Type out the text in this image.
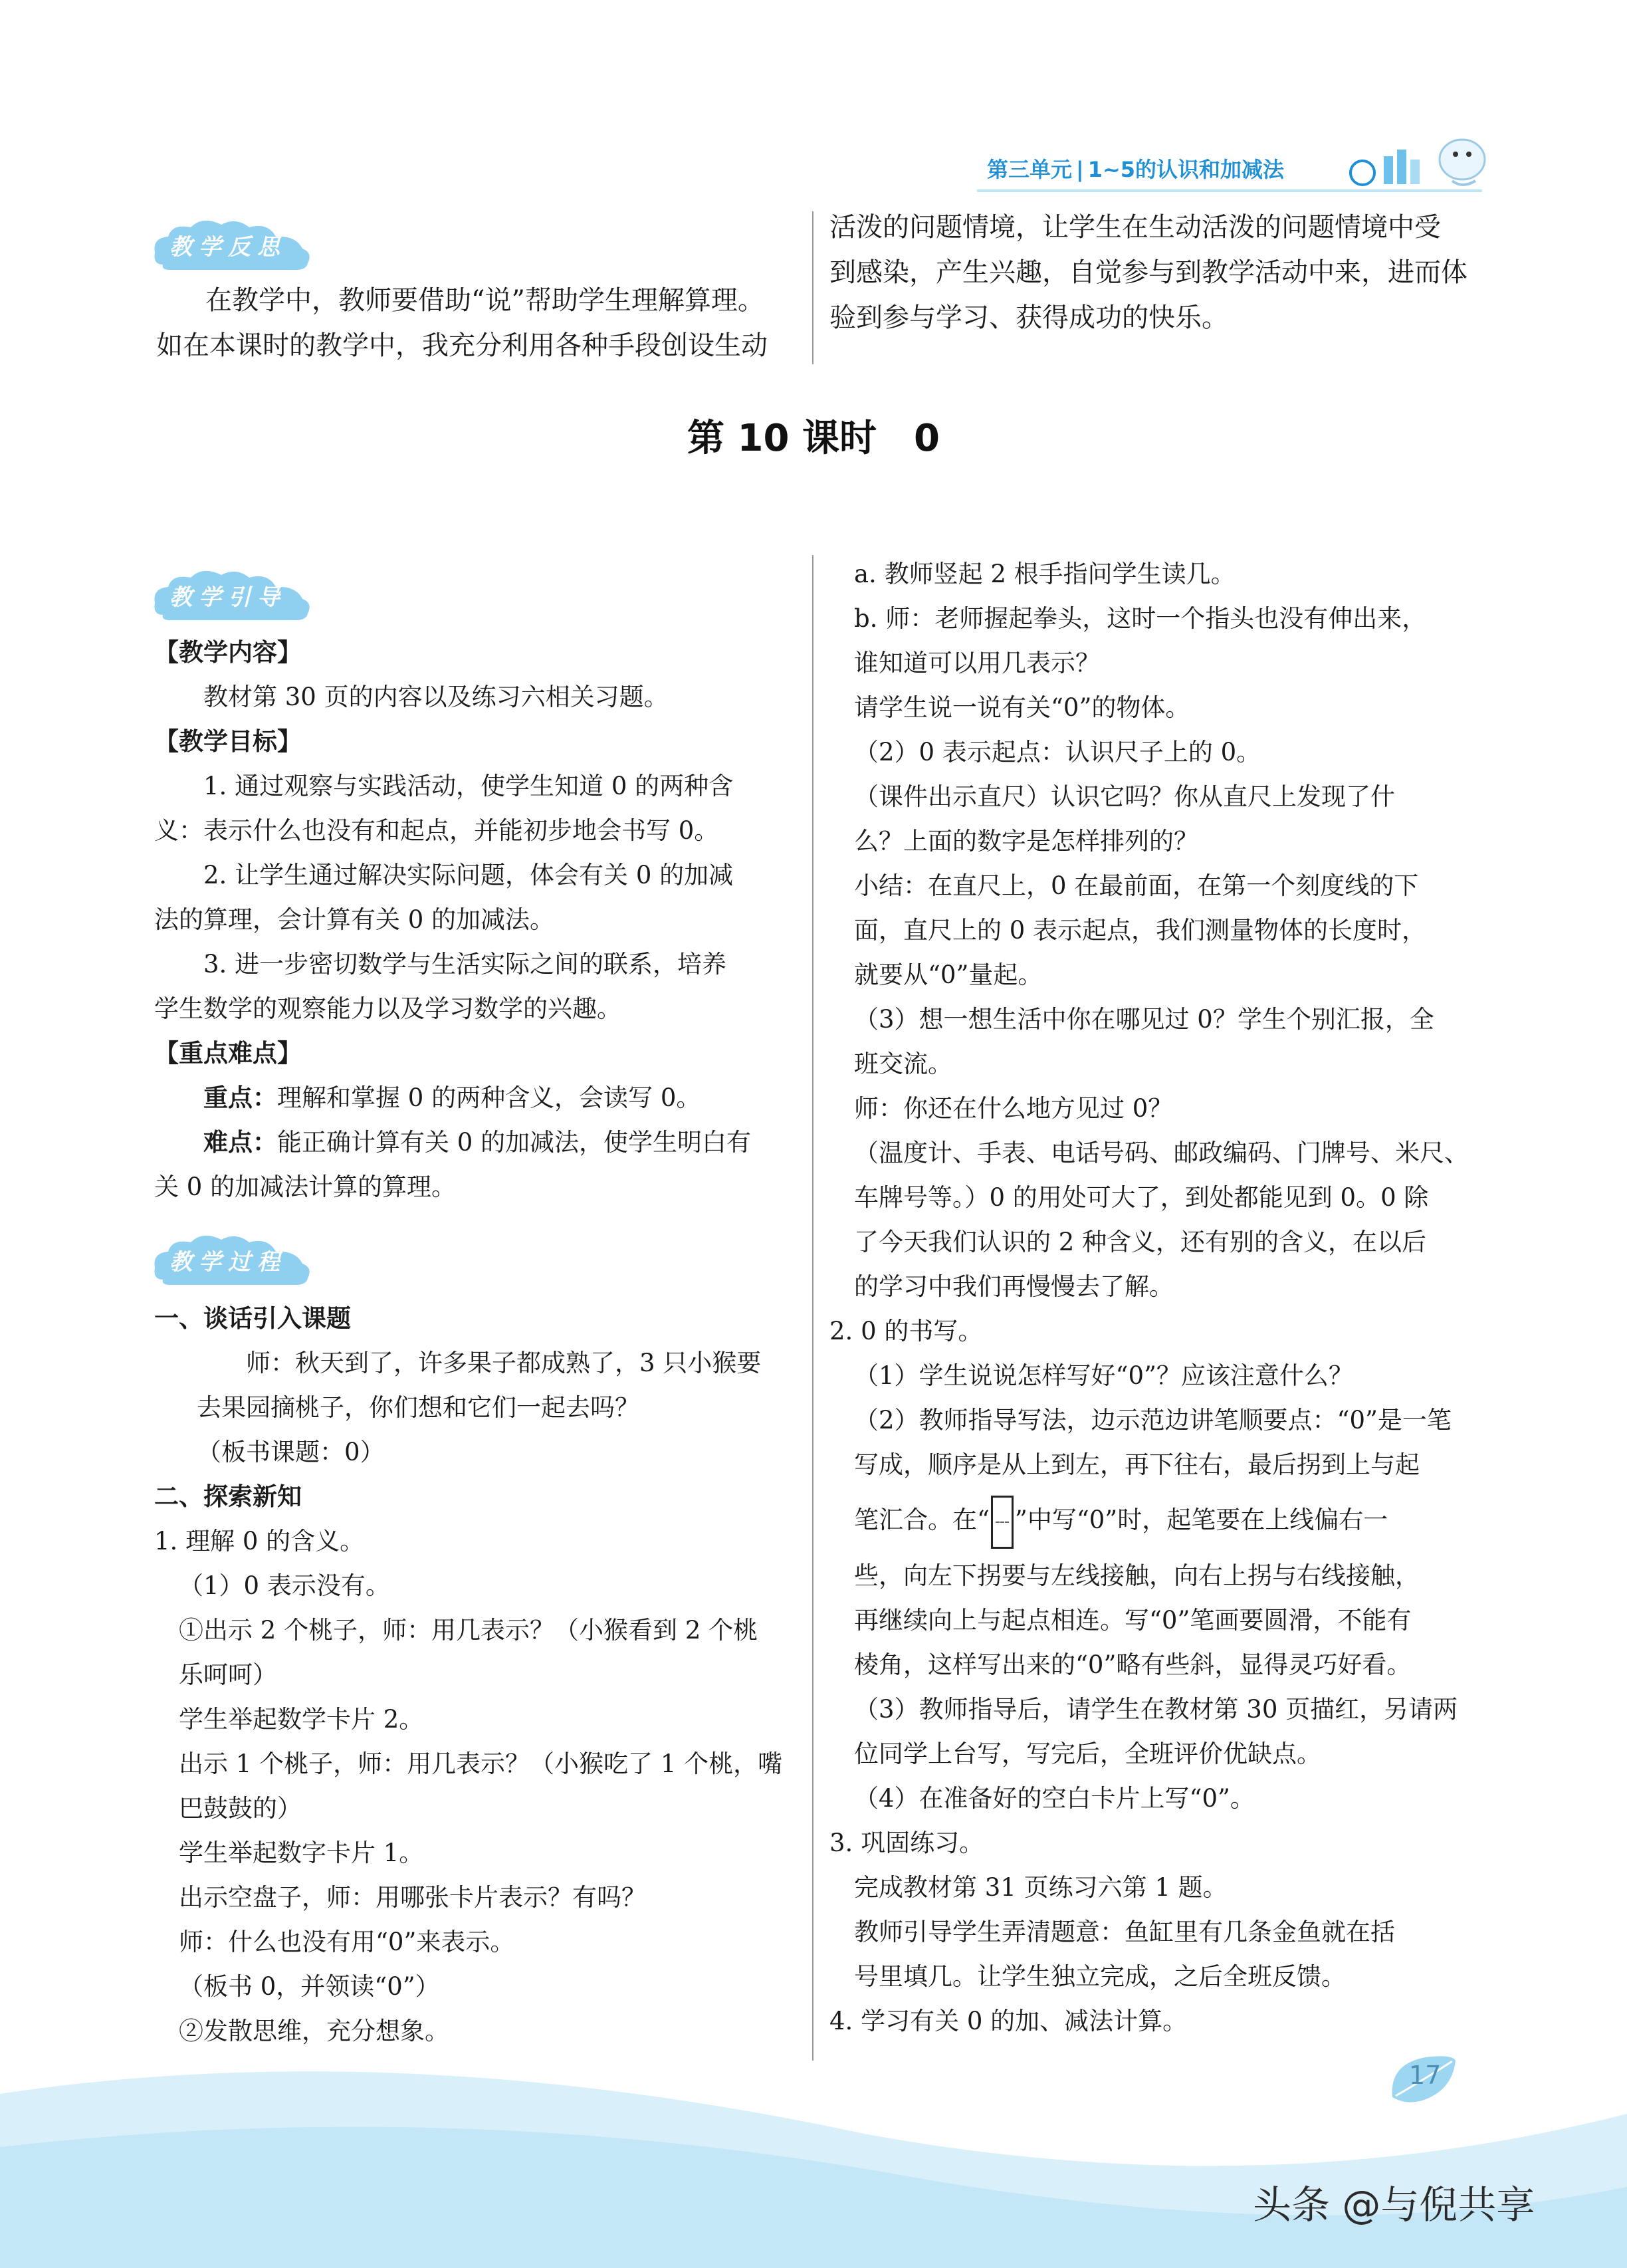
第三单元 | 1~5的认识和加减法
教学反思

在教学中，教师要借助“说”帮助学生理解算理。

如在本课时的教学中，我充分利用各种手段创设生动

活泼的问题情境，让学生在生动活泼的问题情境中受

到感染，产生兴趣，自觉参与到教学活动中来，进而体

验到参与学习、获得成功的快乐。

第 10 课时　0
教学引导

【教学内容】

教材第 30 页的内容以及练习六相关习题。

【教学目标】

1. 通过观察与实践活动，使学生知道 0 的两种含

义：表示什么也没有和起点，并能初步地会书写 0。

2. 让学生通过解决实际问题，体会有关 0 的加减

法的算理，会计算有关 0 的加减法。

3. 进一步密切数学与生活实际之间的联系，培养

学生数学的观察能力以及学习数学的兴趣。

【重点难点】

重点：理解和掌握 0 的两种含义，会读写 0。

难点：能正确计算有关 0 的加减法，使学生明白有

关 0 的加减法计算的算理。

教学过程

一、谈话引入课题

师：秋天到了，许多果子都成熟了，3 只小猴要

去果园摘桃子，你们想和它们一起去吗？

（板书课题：0）

二、探索新知

1. 理解 0 的含义。

（1）0 表示没有。

①出示 2 个桃子，师：用几表示？（小猴看到 2 个桃

乐呵呵）

学生举起数学卡片 2。

出示 1 个桃子，师：用几表示？（小猴吃了 1 个桃，嘴

巴鼓鼓的）

学生举起数字卡片 1。

出示空盘子，师：用哪张卡片表示？有吗？

师：什么也没有用“0”来表示。

（板书 0，并领读“0”）

②发散思维，充分想象。

a. 教师竖起 2 根手指问学生读几。

b. 师：老师握起拳头，这时一个指头也没有伸出来，

谁知道可以用几表示？

请学生说一说有关“0”的物体。

（2）0 表示起点：认识尺子上的 0。

（课件出示直尺）认识它吗？你从直尺上发现了什

么？上面的数字是怎样排列的？

小结：在直尺上，0 在最前面，在第一个刻度线的下

面，直尺上的 0 表示起点，我们测量物体的长度时，

就要从“0”量起。

（3）想一想生活中你在哪见过 0？学生个别汇报，全

班交流。

师：你还在什么地方见过 0？

（温度计、手表、电话号码、邮政编码、门牌号、米尺、

车牌号等。）0 的用处可大了，到处都能见到 0。0 除

了今天我们认识的 2 种含义，还有别的含义，在以后

的学习中我们再慢慢去了解。

2. 0 的书写。

（1）学生说说怎样写好“0”？应该注意什么？

（2）教师指导写法，边示范边讲笔顺要点：“0”是一笔

写成，顺序是从上到左，再下往右，最后拐到上与起

笔汇合。在“ ”中写“0”时，起笔要在上线偏右一

些，向左下拐要与左线接触，向右上拐与右线接触，

再继续向上与起点相连。写“0”笔画要圆滑，不能有

棱角，这样写出来的“0”略有些斜，显得灵巧好看。

（3）教师指导后，请学生在教材第 30 页描红，另请两

位同学上台写，写完后，全班评价优缺点。

（4）在准备好的空白卡片上写“0”。

3. 巩固练习。

完成教材第 31 页练习六第 1 题。

教师引导学生弄清题意：鱼缸里有几条金鱼就在括

号里填几。让学生独立完成，之后全班反馈。

4. 学习有关 0 的加、减法计算。

17
头条 @与倪共享
